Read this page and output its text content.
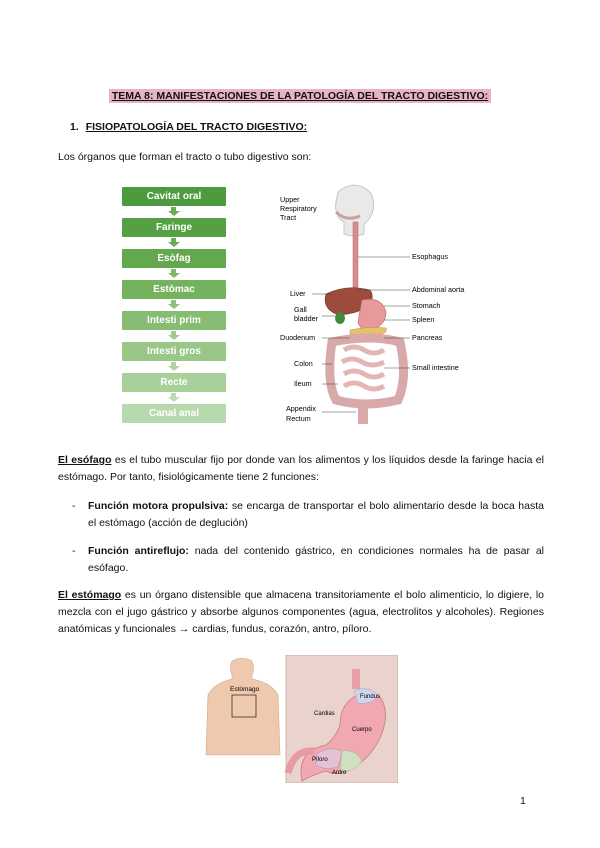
TEMA 8: MANIFESTACIONES DE LA PATOLOGÍA DEL TRACTO DIGESTIVO:
1. FISIOPATOLOGÍA DEL TRACTO DIGESTIVO:
Los órganos que forman el tracto o tubo digestivo son:
Cavitat oral
Faringe
Esòfag
Estòmac
Intesti prim
Intesti gros
Recte
Canal anal
Upper
Respiratory
Tract
Liver
Gall
bladder
Duodenum
Colon
Ileum
Appendix
Rectum
Esophagus
Abdominal aorta
Stomach
Spleen
Pancreas
Small intestine
El esófago es el tubo muscular fijo por donde van los alimentos y los líquidos desde la faringe hacia el estómago. Por tanto, fisiológicamente tiene 2 funciones:
- Función motora propulsiva: se encarga de transportar el bolo alimentario desde la boca hasta el estómago (acción de deglución)
- Función antireflujo: nada del contenido gástrico, en condiciones normales ha de pasar al esófago.
El estómago es un órgano distensible que almacena transitoriamente el bolo alimenticio, lo digiere, lo mezcla con el jugo gástrico y absorbe algunos componentes (agua, electrolitos y alcoholes). Regiones anatómicas y funcionales → cardias, fundus, corazón, antro, píloro.
Estómago
Fundus
Cardias
Cuerpo
Píloro
Antro
1
